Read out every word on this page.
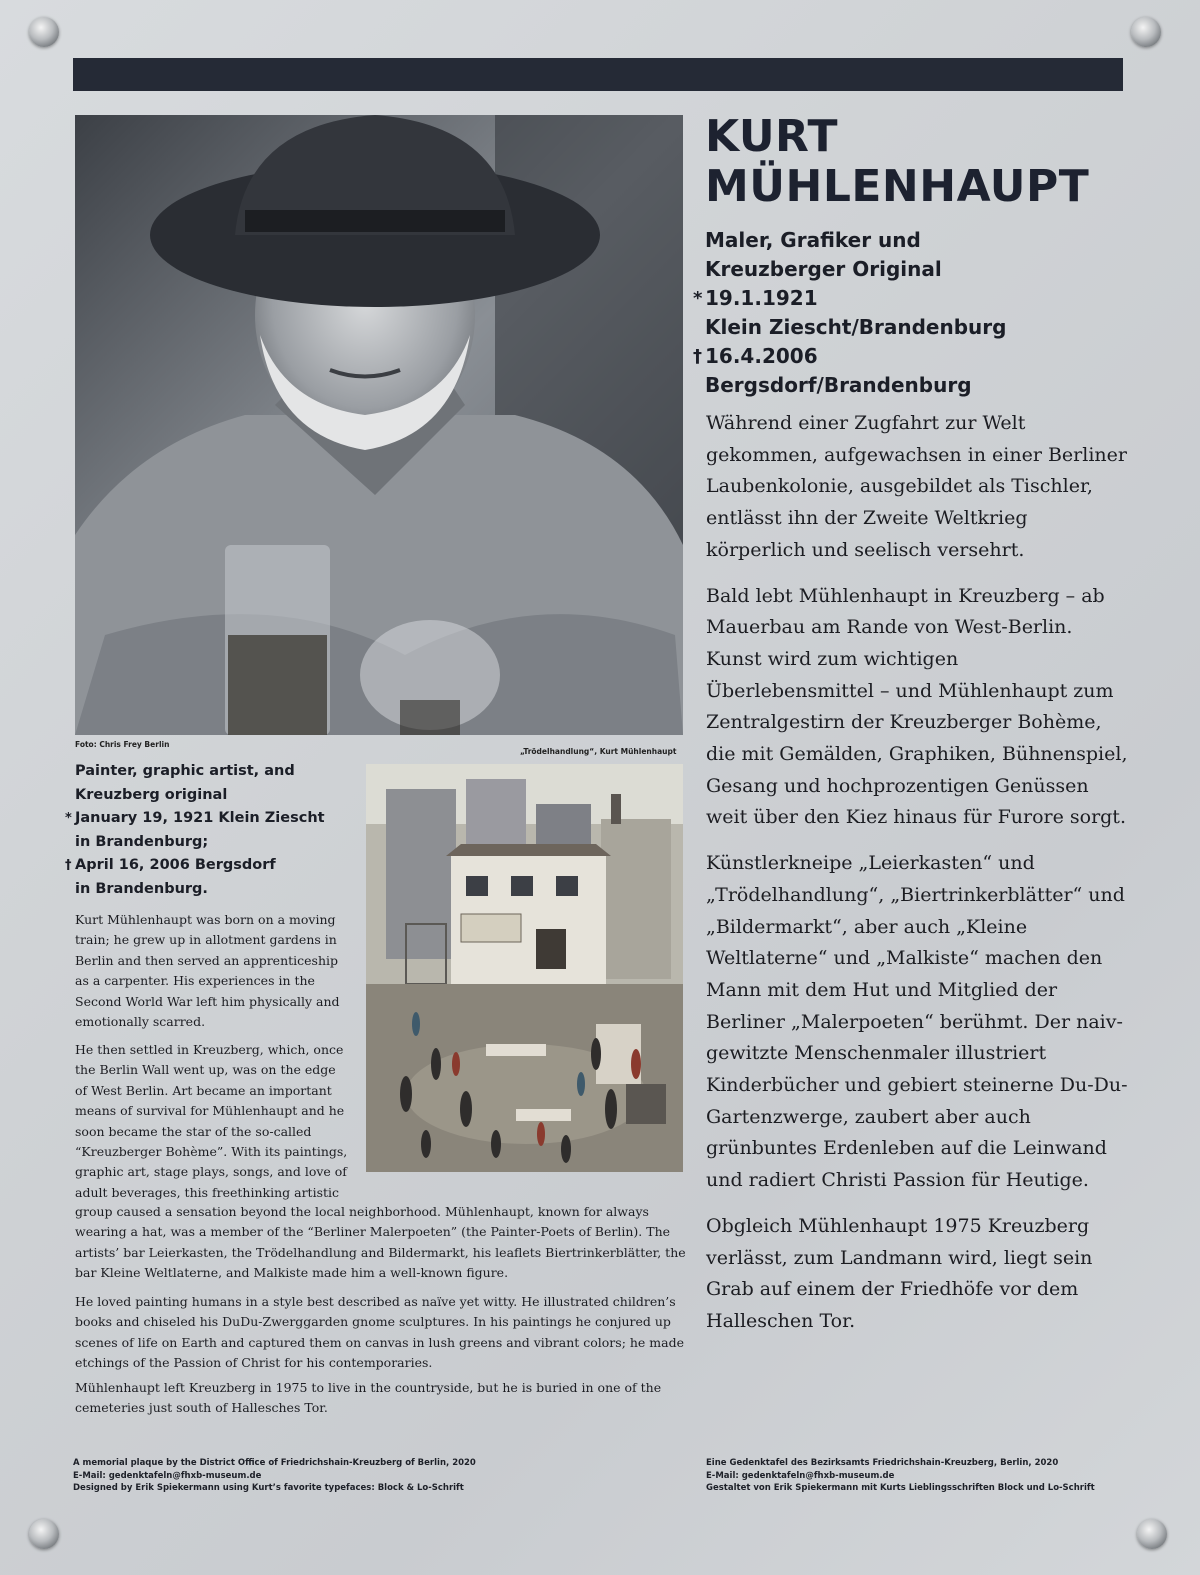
Foto: Chris Frey Berlin
„Trödelhandlung“, Kurt Mühlenhaupt
KURT
MÜHLENHAUPT
Maler, Grafiker und
Kreuzberger Original
* 19.1.1921
Klein Ziescht/Brandenburg
† 16.4.2006
Bergsdorf/Brandenburg

Während einer Zugfahrt zur Welt gekommen, aufgewachsen in einer Berliner Laubenkolonie, ausgebildet als Tischler, entlässt ihn der Zweite Weltkrieg körperlich und seelisch versehrt.

Bald lebt Mühlenhaupt in Kreuzberg – ab Mauerbau am Rande von West-Berlin. Kunst wird zum wichtigen Überlebensmittel – und Mühlenhaupt zum Zentralgestirn der Kreuzberger Bohème, die mit Gemälden, Graphiken, Bühnenspiel, Gesang und hochprozentigen Genüssen weit über den Kiez hinaus für Furore sorgt.

Künstlerkneipe „Leierkasten“ und „Trödelhandlung“, „Biertrinkerblätter“ und „Bildermarkt“, aber auch „Kleine Weltlaterne“ und „Malkiste“ machen den Mann mit dem Hut und Mitglied der Berliner „Malerpoeten“ berühmt. Der naiv-gewitzte Menschenmaler illustriert Kinderbücher und gebiert steinerne Du-Du-Gartenzwerge, zaubert aber auch grünbuntes Erdenleben auf die Leinwand und radiert Christi Passion für Heutige.

Obgleich Mühlenhaupt 1975 Kreuzberg verlässt, zum Landmann wird, liegt sein Grab auf einem der Friedhöfe vor dem Halleschen Tor.

Painter, graphic artist, and
Kreuzberg original
* January 19, 1921 Klein Ziescht
in Brandenburg;
† April 16, 2006 Bergsdorf
in Brandenburg.

Kurt Mühlenhaupt was born on a moving train; he grew up in allotment gardens in Berlin and then served an apprenticeship as a carpenter. His experiences in the Second World War left him physically and emotionally scarred.

He then settled in Kreuzberg, which, once the Berlin Wall went up, was on the edge of West Berlin. Art became an important means of survival for Mühlenhaupt and he soon became the star of the so-called “Kreuzberger Bohème”. With its paintings, graphic art, stage plays, songs, and love of adult beverages, this freethinking artistic

group caused a sensation beyond the local neighborhood. Mühlenhaupt, known for always wearing a hat, was a member of the “Berliner Malerpoeten” (the Painter-Poets of Berlin). The artists’ bar Leierkasten, the Trödelhandlung and Bildermarkt, his leaflets Biertrinkerblätter, the bar Kleine Weltlaterne, and Malkiste made him a well-known figure.

He loved painting humans in a style best described as naïve yet witty. He illustrated children’s books and chiseled his DuDu-Zwerggarden gnome sculptures. In his paintings he conjured up scenes of life on Earth and captured them on canvas in lush greens and vibrant colors; he made etchings of the Passion of Christ for his contemporaries.

Mühlenhaupt left Kreuzberg in 1975 to live in the countryside, but he is buried in one of the cemeteries just south of Hallesches Tor.

A memorial plaque by the District Office of Friedrichshain-Kreuzberg of Berlin, 2020
E-Mail: gedenktafeln@fhxb-museum.de
Designed by Erik Spiekermann using Kurt’s favorite typefaces: Block & Lo-Schrift
Eine Gedenktafel des Bezirksamts Friedrichshain-Kreuzberg, Berlin, 2020
E-Mail: gedenktafeln@fhxb-museum.de
Gestaltet von Erik Spiekermann mit Kurts Lieblingsschriften Block und Lo-Schrift
